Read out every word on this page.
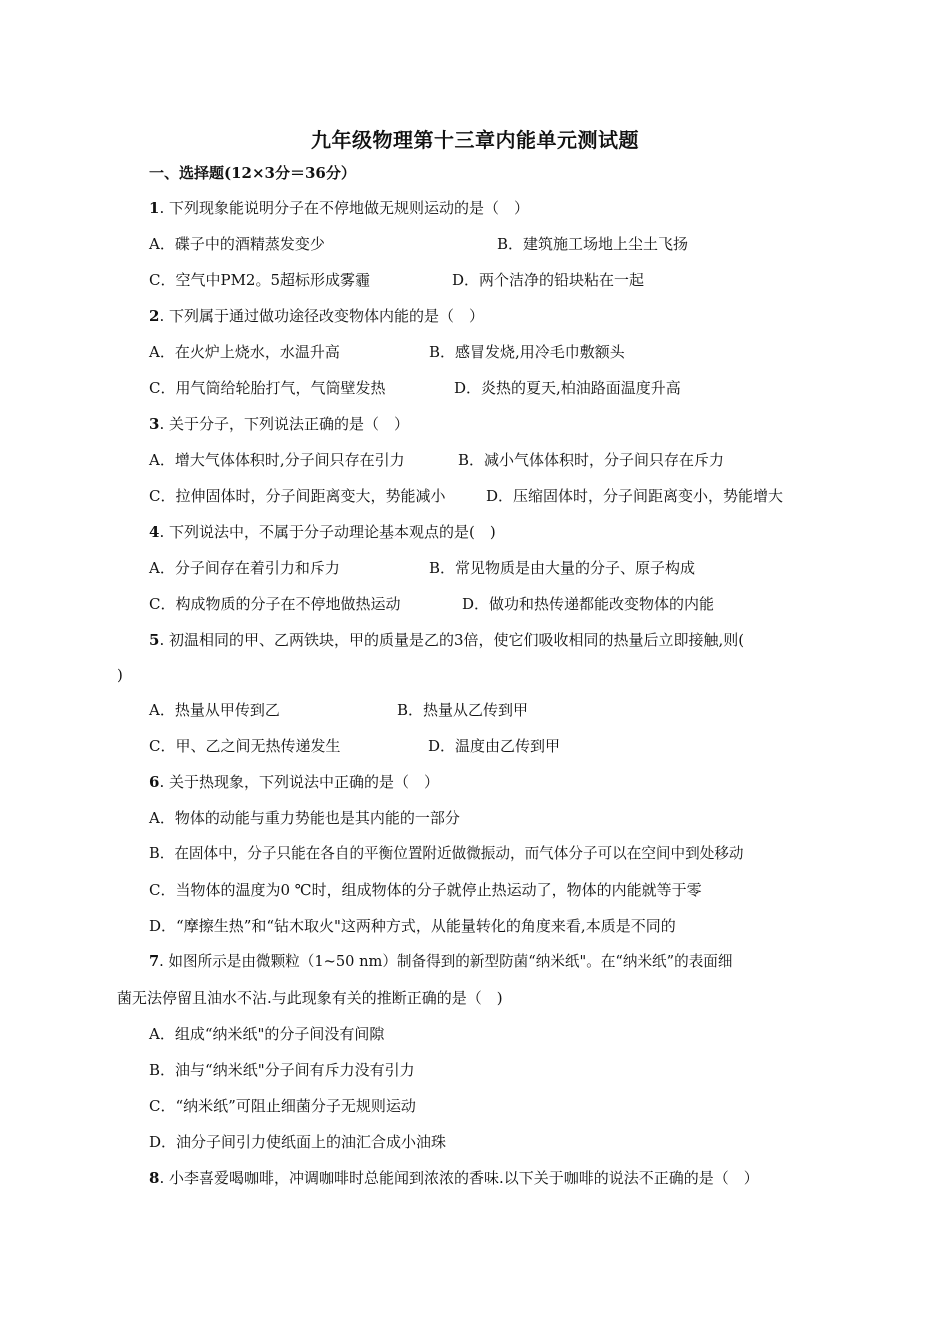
九年级物理第十三章内能单元测试题
一、选择题(12×3分＝36分）
1. 下列现象能说明分子在不停地做无规则运动的是（　）
A．碟子中的酒精蒸发变少	B．建筑施工场地上尘土飞扬
C．空气中PM2。5超标形成雾霾	D．两个洁净的铅块粘在一起
2. 下列属于通过做功途径改变物体内能的是（　）
A．在火炉上烧水，水温升高	B．感冒发烧,用冷毛巾敷额头
C．用气筒给轮胎打气，气筒壁发热	D．炎热的夏天,柏油路面温度升高
3. 关于分子，下列说法正确的是（　）
A．增大气体体积时,分子间只存在引力	B．减小气体体积时，分子间只存在斥力
C．拉伸固体时，分子间距离变大，势能减小	D．压缩固体时，分子间距离变小，势能增大
4. 下列说法中，不属于分子动理论基本观点的是(　)
A．分子间存在着引力和斥力	B．常见物质是由大量的分子、原子构成
C．构成物质的分子在不停地做热运动	D．做功和热传递都能改变物体的内能
5. 初温相同的甲、乙两铁块，甲的质量是乙的3倍，使它们吸收相同的热量后立即接触,则(
)
A．热量从甲传到乙	B．热量从乙传到甲
C．甲、乙之间无热传递发生	D．温度由乙传到甲
6. 关于热现象，下列说法中正确的是（　）
A．物体的动能与重力势能也是其内能的一部分
B．在固体中，分子只能在各自的平衡位置附近做微振动，而气体分子可以在空间中到处移动
C．当物体的温度为0 ℃时，组成物体的分子就停止热运动了，物体的内能就等于零
D．“摩擦生热”和“钻木取火"这两种方式，从能量转化的角度来看,本质是不同的
7. 如图所示是由微颗粒（1~50 nm）制备得到的新型防菌“纳米纸"。在“纳米纸”的表面细
菌无法停留且油水不沾.与此现象有关的推断正确的是（　)
A．组成“纳米纸"的分子间没有间隙
B．油与“纳米纸"分子间有斥力没有引力
C．“纳米纸”可阻止细菌分子无规则运动
D．油分子间引力使纸面上的油汇合成小油珠
8. 小李喜爱喝咖啡，冲调咖啡时总能闻到浓浓的香味.以下关于咖啡的说法不正确的是（　）
